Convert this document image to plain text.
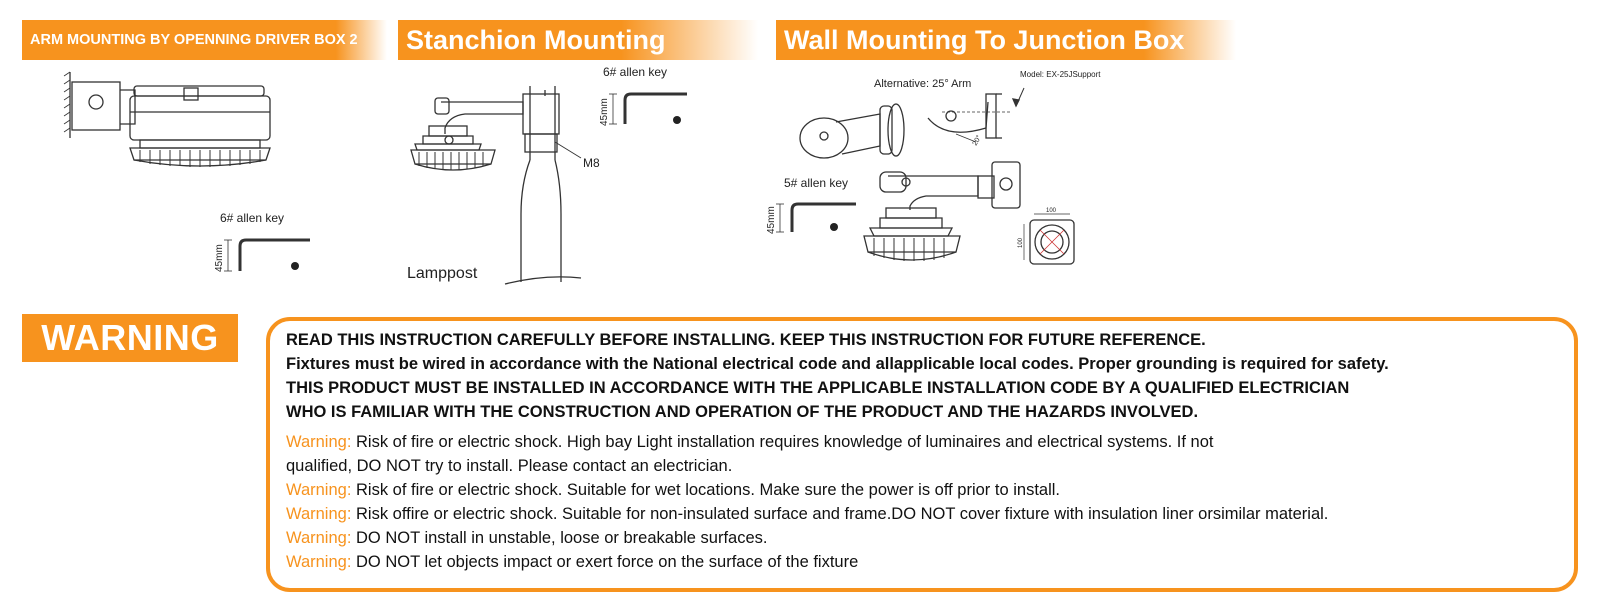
ARM MOUNTING BY OPENNING DRIVER BOX 2	Stanchion Mounting	Wall Mounting To Junction Box
6# allen key
45mm
6# allen key
45mm
M8
Lamppost
Alternative: 25° Arm
Model: EX-25JSupport
20°
5# allen key
45mm	100
100
WARNING	READ THIS INSTRUCTION CAREFULLY BEFORE INSTALLING. KEEP THIS INSTRUCTION FOR FUTURE REFERENCE.
Fixtures must be wired in accordance with the National electrical code and allapplicable local codes. Proper grounding is required for safety.
THIS PRODUCT MUST BE INSTALLED IN ACCORDANCE WITH THE APPLICABLE INSTALLATION CODE BY A QUALIFIED ELECTRICIAN
WHO IS FAMILIAR WITH THE CONSTRUCTION AND OPERATION OF THE PRODUCT AND THE HAZARDS INVOLVED.
Warning: Risk of fire or electric shock. High bay Light installation requires knowledge of luminaires and electrical systems. If not
qualified, DO NOT try to install. Please contact an electrician.
Warning: Risk of fire or electric shock. Suitable for wet locations. Make sure the power is off prior to install.
Warning: Risk offire or electric shock. Suitable for non-insulated surface and frame.DO NOT cover fixture with insulation liner orsimilar material.
Warning: DO NOT install in unstable, loose or breakable surfaces.
Warning: DO NOT let objects impact or exert force on the surface of the fixture
